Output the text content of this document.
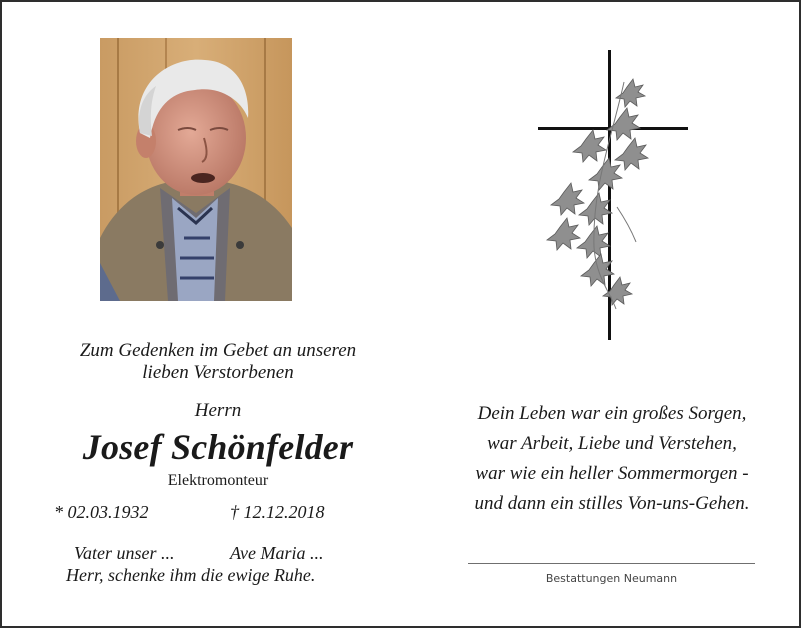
Zum Gedenken im Gebet an unseren
lieben Verstorbenen
Herrn
Josef Schönfelder
Elektromonteur
* 02.03.1932	† 12.12.2018
Vater unser ...	Ave Maria ...
Herr, schenke ihm die ewige Ruhe.
Dein Leben war ein großes Sorgen,
war Arbeit, Liebe und Verstehen,
war wie ein heller Sommermorgen -
und dann ein stilles Von-uns-Gehen.
Bestattungen Neumann
